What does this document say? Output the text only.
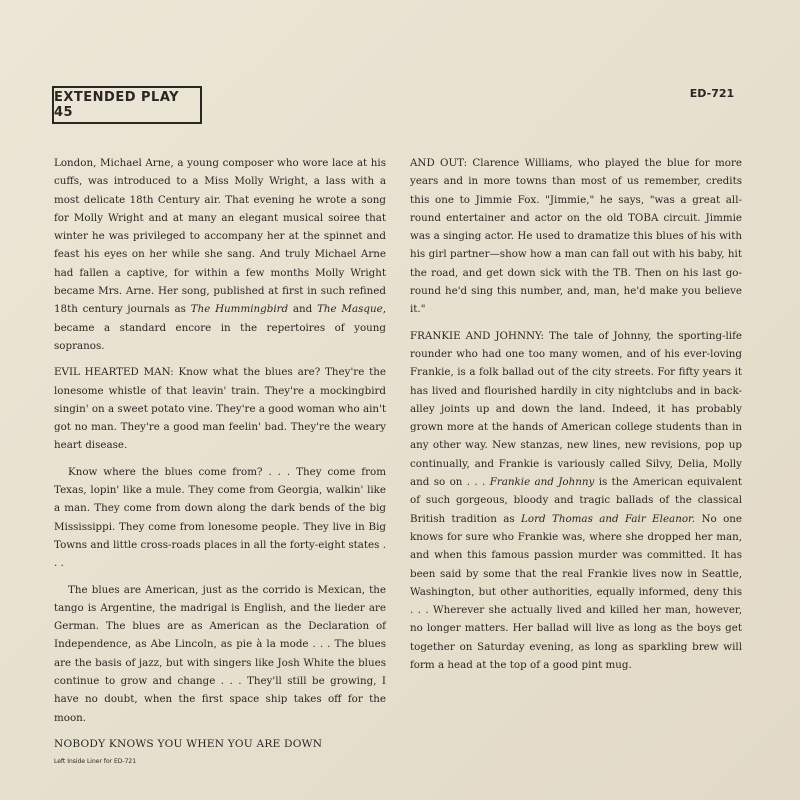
EXTENDED PLAY 45
ED-721

London, Michael Arne, a young composer who wore lace at his cuffs, was introduced to a Miss Molly Wright, a lass with a most delicate 18th Century air. That evening he wrote a song for Molly Wright and at many an elegant musical soiree that winter he was privileged to accompany her at the spinnet and feast his eyes on her while she sang. And truly Michael Arne had fallen a captive, for within a few months Molly Wright became Mrs. Arne. Her song, published at first in such refined 18th century journals as The Hummingbird and The Masque, became a standard encore in the repertoires of young sopranos.

EVIL HEARTED MAN: Know what the blues are? They're the lonesome whistle of that leavin' train. They're a mockingbird singin' on a sweet potato vine. They're a good woman who ain't got no man. They're a good man feelin' bad. They're the weary heart disease.

Know where the blues come from? . . . They come from Texas, lopin' like a mule. They come from Georgia, walkin' like a man. They come from down along the dark bends of the big Mississippi. They come from lonesome people. They live in Big Towns and little cross-roads places in all the forty-eight states . . .

The blues are American, just as the corrido is Mexican, the tango is Argentine, the madrigal is English, and the lieder are German. The blues are as American as the Declaration of Independence, as Abe Lincoln, as pie à la mode . . . The blues are the basis of jazz, but with singers like Josh White the blues continue to grow and change . . . They'll still be growing, I have no doubt, when the first space ship takes off for the moon.

NOBODY KNOWS YOU WHEN YOU ARE DOWN

AND OUT: Clarence Williams, who played the blue for more years and in more towns than most of us remember, credits this one to Jimmie Fox. "Jimmie," he says, "was a great all-round entertainer and actor on the old TOBA circuit. Jimmie was a singing actor. He used to dramatize this blues of his with his girl partner—show how a man can fall out with his baby, hit the road, and get down sick with the TB. Then on his last go-round he'd sing this number, and, man, he'd make you believe it."

FRANKIE AND JOHNNY: The tale of Johnny, the sporting-life rounder who had one too many women, and of his ever-loving Frankie, is a folk ballad out of the city streets. For fifty years it has lived and flourished hardily in city nightclubs and in back-alley joints up and down the land. Indeed, it has probably grown more at the hands of American college students than in any other way. New stanzas, new lines, new revisions, pop up continually, and Frankie is variously called Silvy, Delia, Molly and so on . . . Frankie and Johnny is the American equivalent of such gorgeous, bloody and tragic ballads of the classical British tradition as Lord Thomas and Fair Eleanor. No one knows for sure who Frankie was, where she dropped her man, and when this famous passion murder was committed. It has been said by some that the real Frankie lives now in Seattle, Washington, but other authorities, equally informed, deny this . . . Wherever she actually lived and killed her man, however, no longer matters. Her ballad will live as long as the boys get together on Saturday evening, as long as sparkling brew will form a head at the top of a good pint mug.

Left Inside Liner for ED-721
